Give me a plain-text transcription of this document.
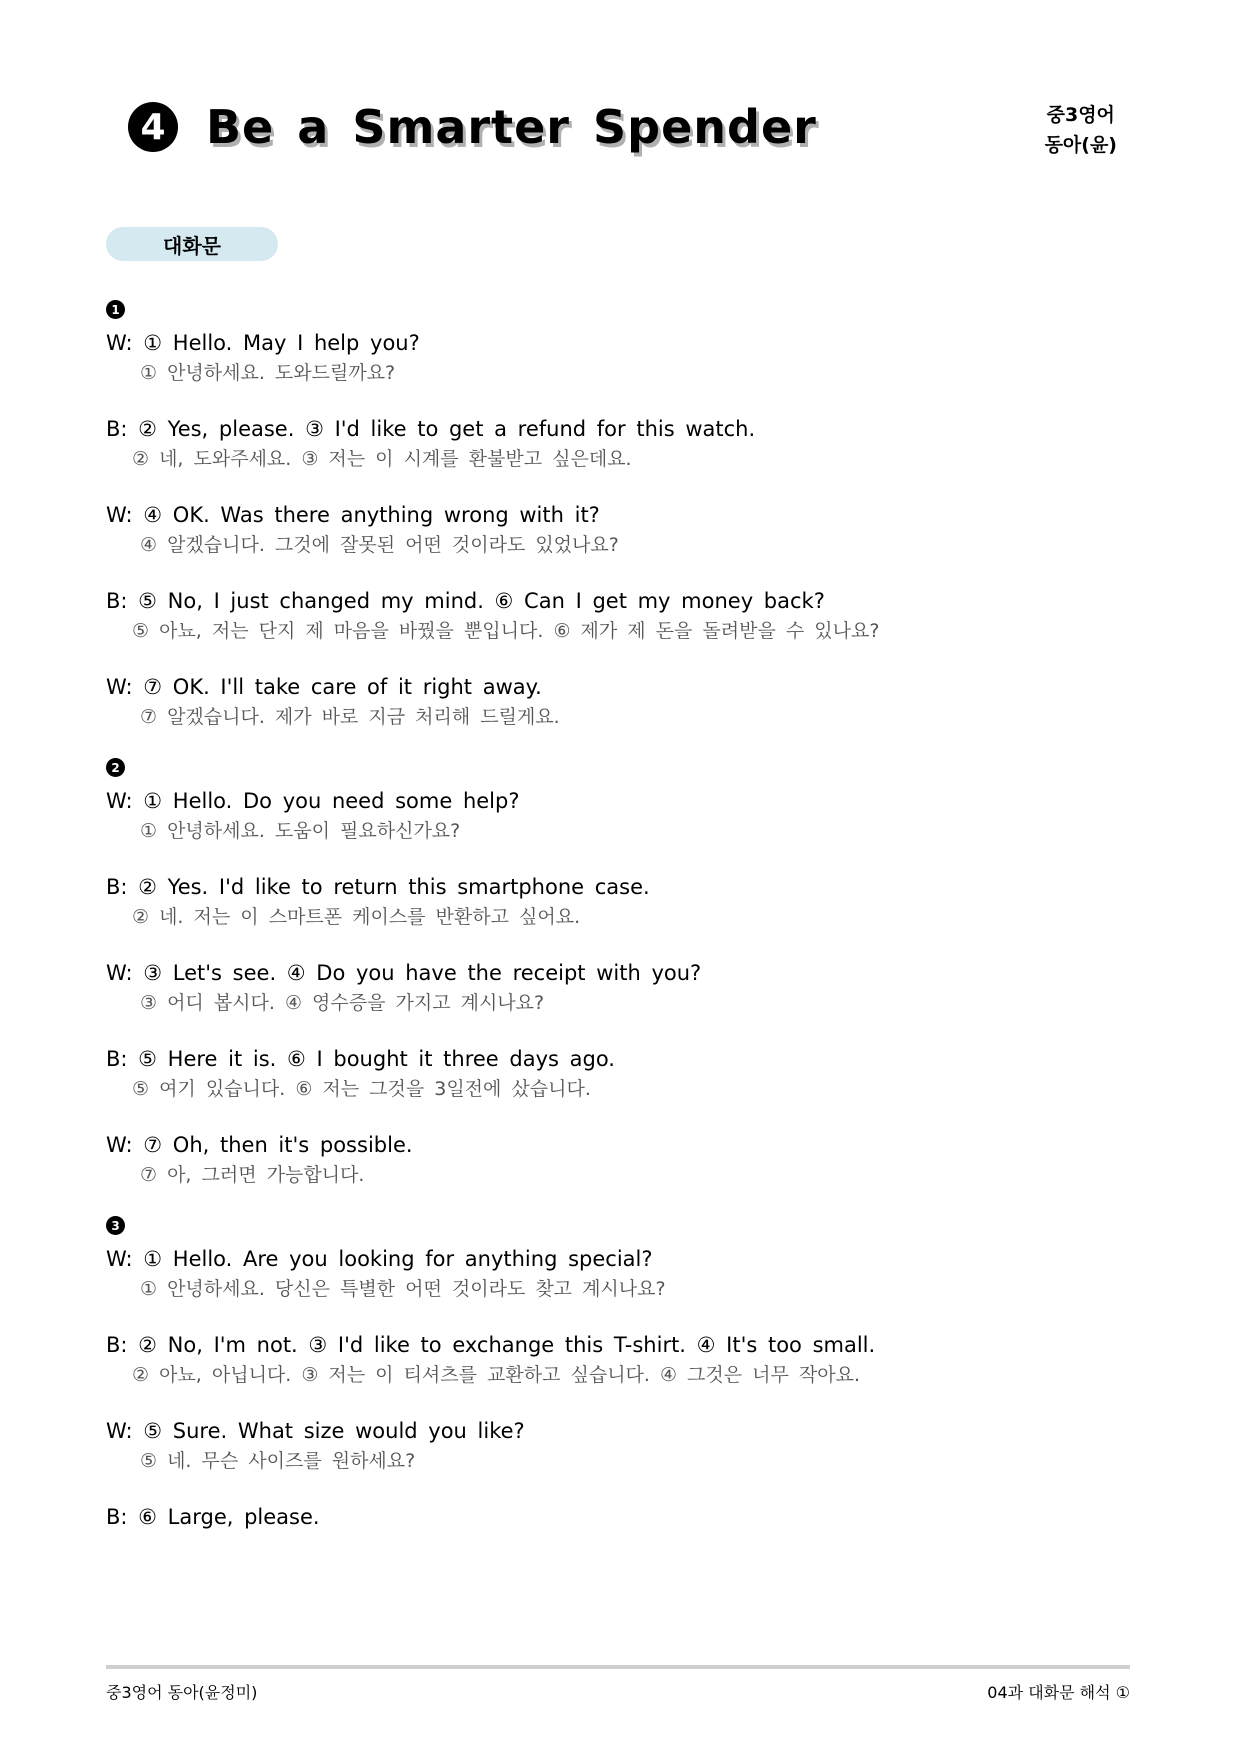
4 Be a Smarter Spender	중3영어
동아(윤)
대화문
1
W: ① Hello. May I help you?
① 안녕하세요. 도와드릴까요?
B: ② Yes, please. ③ I'd like to get a refund for this watch.
② 네, 도와주세요. ③ 저는 이 시계를 환불받고 싶은데요.
W: ④ OK. Was there anything wrong with it?
④ 알겠습니다. 그것에 잘못된 어떤 것이라도 있었나요?
B: ⑤ No, I just changed my mind. ⑥ Can I get my money back?
⑤ 아뇨, 저는 단지 제 마음을 바꿨을 뿐입니다. ⑥ 제가 제 돈을 돌려받을 수 있나요?
W: ⑦ OK. I'll take care of it right away.
⑦ 알겠습니다. 제가 바로 지금 처리해 드릴게요.
2
W: ① Hello. Do you need some help?
① 안녕하세요. 도움이 필요하신가요?
B: ② Yes. I'd like to return this smartphone case.
② 네. 저는 이 스마트폰 케이스를 반환하고 싶어요.
W: ③ Let's see. ④ Do you have the receipt with you?
③ 어디 봅시다. ④ 영수증을 가지고 계시나요?
B: ⑤ Here it is. ⑥ I bought it three days ago.
⑤ 여기 있습니다. ⑥ 저는 그것을 3일전에 샀습니다.
W: ⑦ Oh, then it's possible.
⑦ 아, 그러면 가능합니다.
3
W: ① Hello. Are you looking for anything special?
① 안녕하세요. 당신은 특별한 어떤 것이라도 찾고 계시나요?
B: ② No, I'm not. ③ I'd like to exchange this T-shirt. ④ It's too small.
② 아뇨, 아닙니다. ③ 저는 이 티셔츠를 교환하고 싶습니다. ④ 그것은 너무 작아요.
W: ⑤ Sure. What size would you like?
⑤ 네. 무슨 사이즈를 원하세요?
B: ⑥ Large, please.
중3영어 동아(윤정미)	04과 대화문 해석 ①
